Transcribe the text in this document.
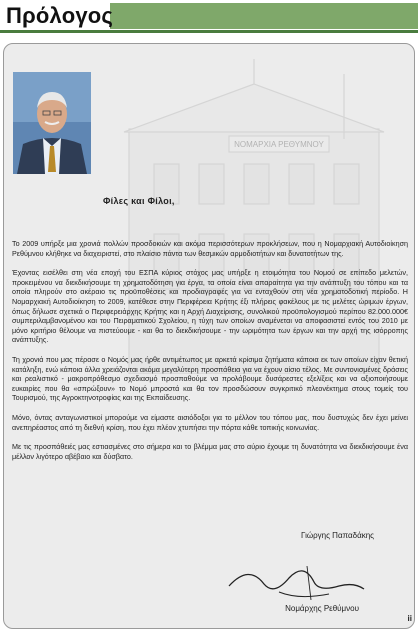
Πρόλογος
ΝΟΜΑΡΧΙΑ ΡΕΘΥΜΝΟΥ
Φίλες και Φίλοι,

Το 2009 υπήρξε μια χρονιά πολλών προσδοκιών και ακόμα περισσότερων προκλήσεων, που η Νομαρχιακή Αυτοδιοίκηση Ρεθύμνου κλήθηκε να διαχειριστεί, στο πλαίσιο πάντα των θεσμικών αρμοδιοτήτων και δυνατοτήτων της.

Έχοντας εισέλθει στη νέα εποχή του ΕΣΠΑ κύριος στόχος μας υπήρξε η ετοιμότητα του Νομού σε επίπεδο μελετών, προκειμένου να διεκδικήσουμε τη χρηματοδότηση για έργα, τα οποία είναι απαραίτητα για την ανάπτυξη του τόπου και τα οποία πληρούν στο ακέραιο τις προϋποθέσεις και προδιαγραφές για να ενταχθούν στη νέα χρηματοδοτική περίοδο. Η Νομαρχιακή Αυτοδιοίκηση το 2009, κατέθεσε στην Περιφέρεια Κρήτης έξι πλήρεις φακέλους με τις μελέτες ώριμων έργων, όπως δήλωσε σχετικά ο Περιφερειάρχης Κρήτης και η Αρχή Διαχείρισης, συνολικού προϋπολογισμού περίπου 82.000.000€ συμπεριλαμβανομένου και του Πειραματικού Σχολείου, η τύχη των οποίων αναμένεται να αποφασιστεί εντός του 2010 με μόνο κριτήριο θέλουμε να πιστεύουμε - και θα το διεκδικήσουμε - την ωριμότητα των έργων και την αρχή της ισόρροπης ανάπτυξης.

Τη χρονιά που μας πέρασε ο Νομός μας ήρθε αντιμέτωπος με αρκετά κρίσιμα ζητήματα κάποια εκ των οποίων είχαν θετική κατάληξη, ενώ κάποια άλλα χρειάζονται ακόμα μεγαλύτερη προσπάθεια για να έχουν αίσιο τέλος. Με συντονισμένες δράσεις και ρεαλιστικό - μακροπρόθεσμο σχεδιασμό προσπαθούμε να προλάβουμε δυσάρεστες εξελίξεις και να αξιοποιήσουμε ευκαιρίες που θα «σπρώξουν» το Νομό μπροστά και θα τον προσδώσουν συγκριτικό πλεονέκτημα στους τομείς του Τουρισμού, της Αγροκτηνοτροφίας και της Εκπαίδευσης.

Μόνο, όντας ανταγωνιστικοί μπορούμε να είμαστε αισιόδοξοι για το μέλλον του τόπου μας, που δυστυχώς δεν έχει μείνει ανεπηρέαστος από τη διεθνή κρίση, που έχει πλέον χτυπήσει την πόρτα κάθε τοπικής κοινωνίας.

Με τις προσπάθειές μας εστιασμένες στο σήμερα και το βλέμμα μας στο αύριο έχουμε τη δυνατότητα να διεκδικήσουμε ένα μέλλον λιγότερο αβέβαιο και δύσβατο.

Γιώργης Παπαδάκης
Νομάρχης Ρεθύμνου
ii
